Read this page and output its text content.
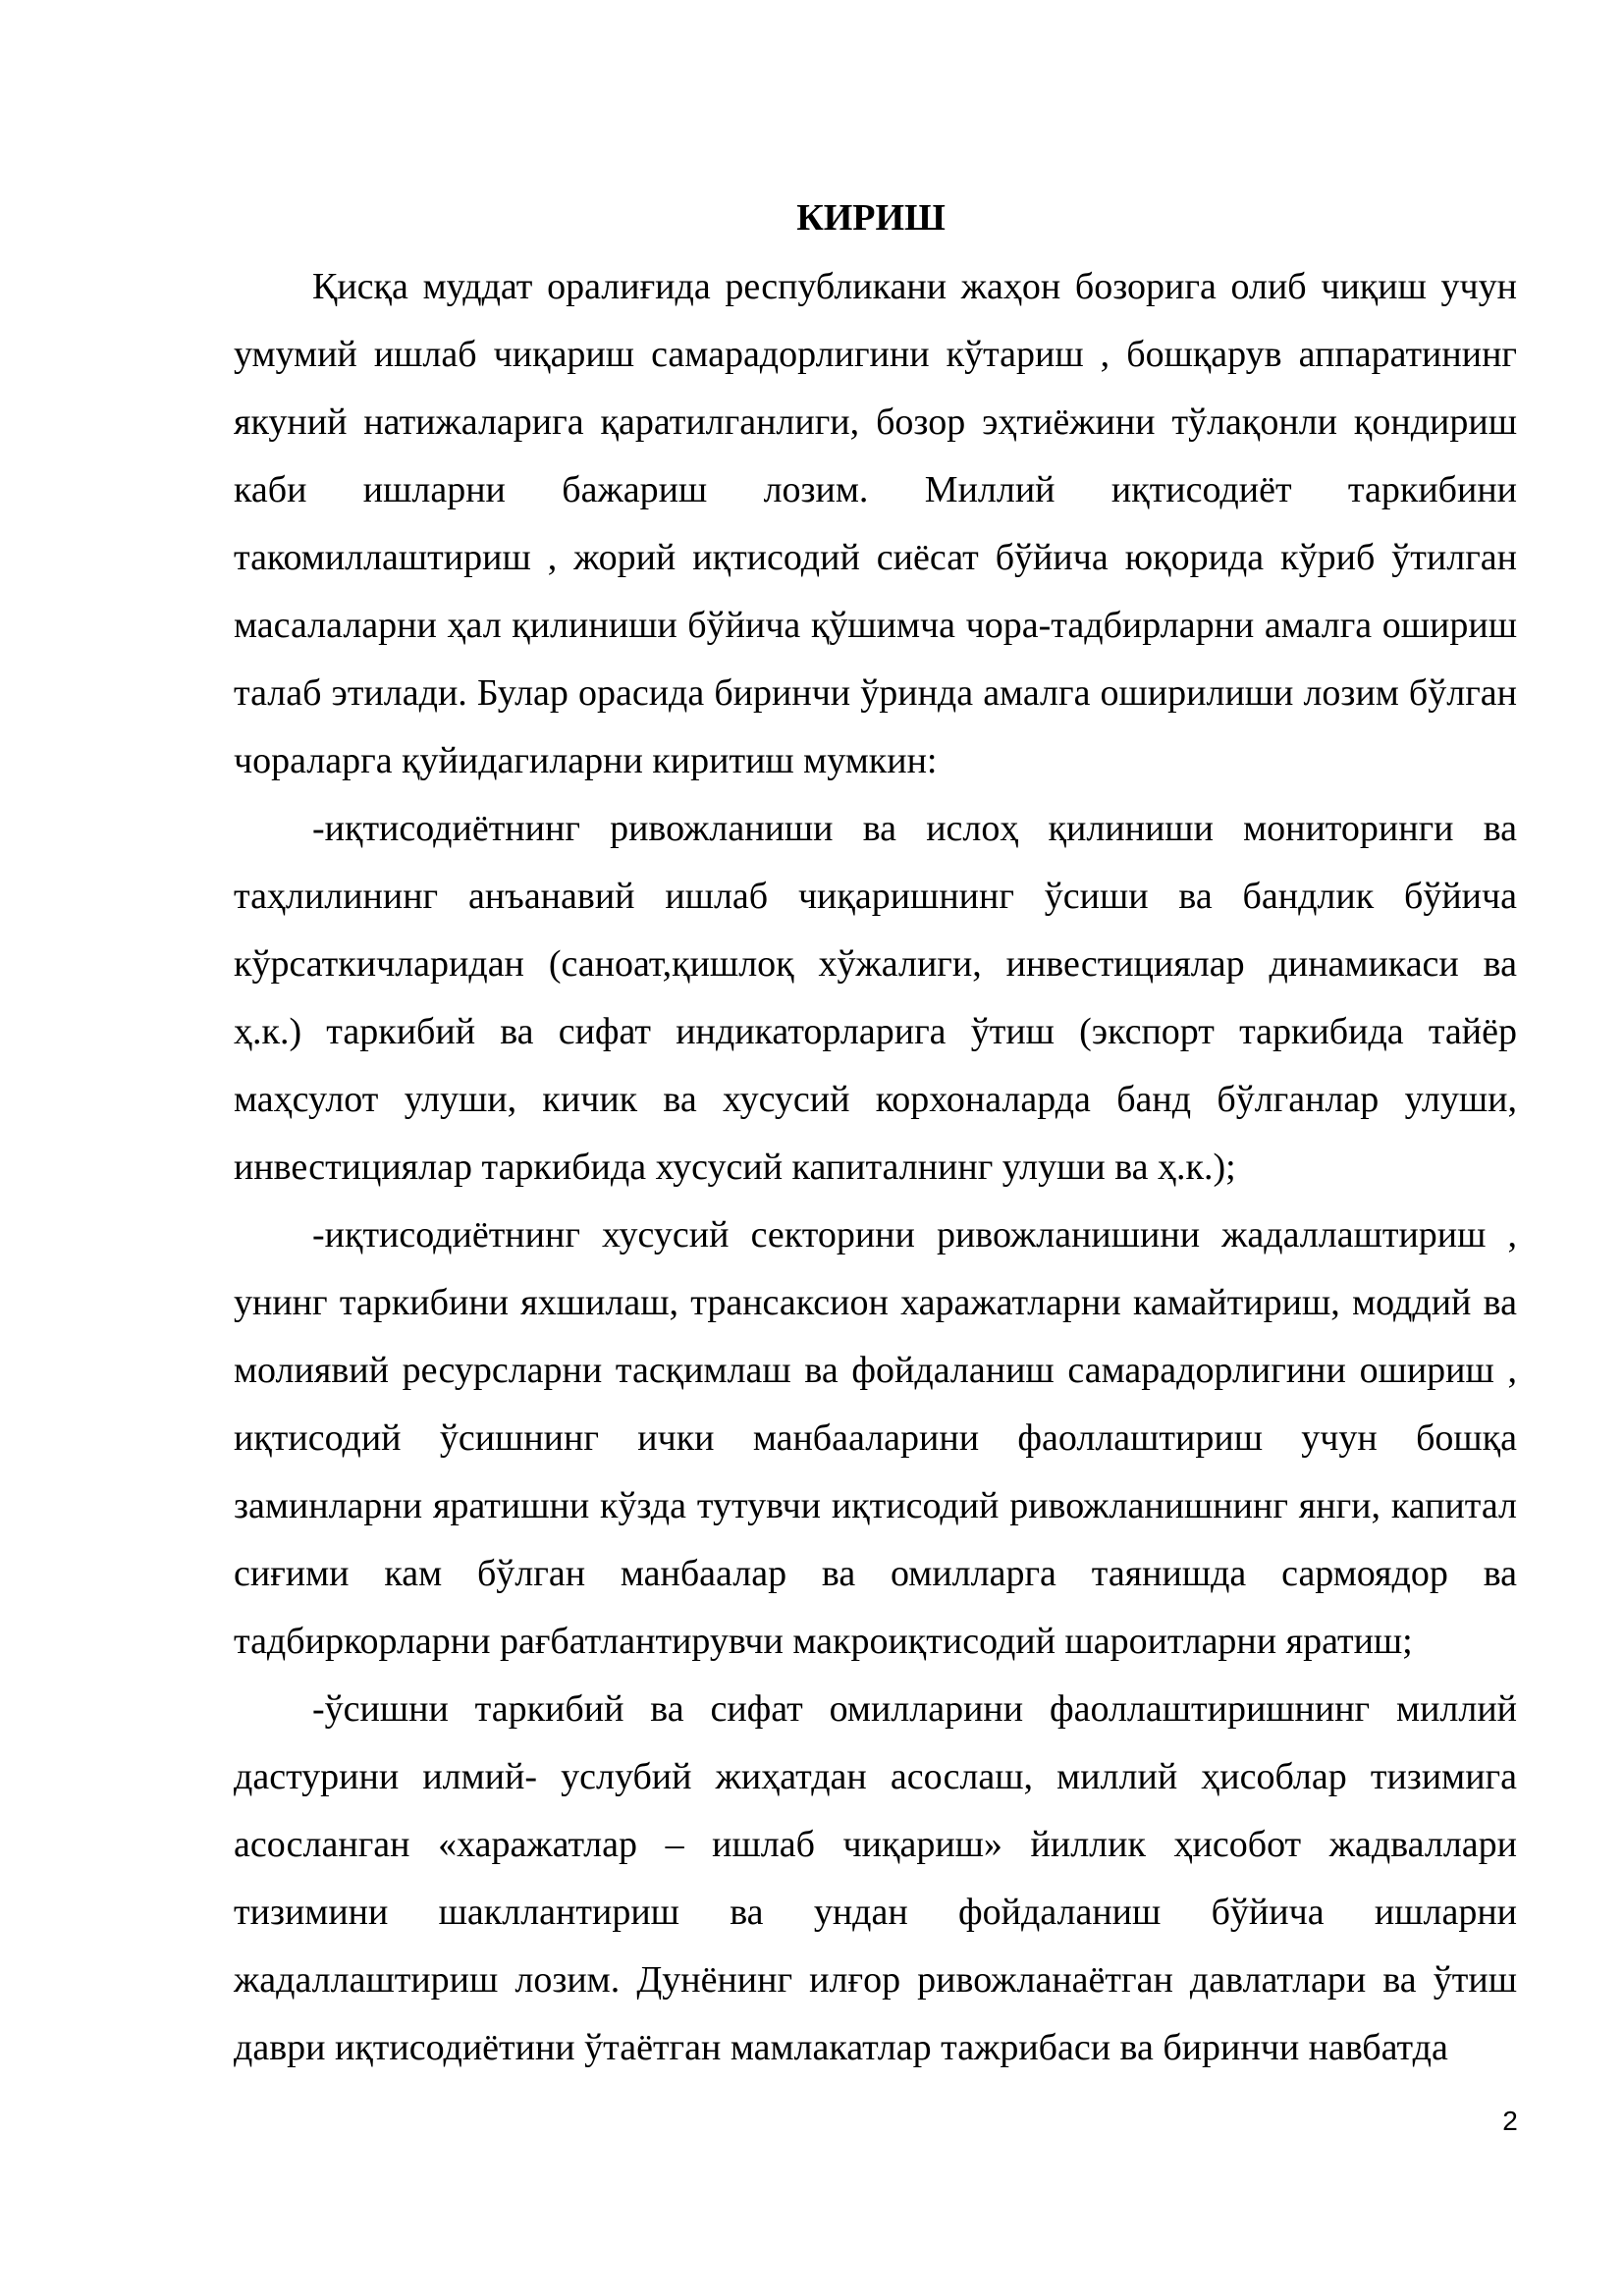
КИРИШ

Қисқа муддат оралиғида республикани жаҳон бозорига олиб чиқиш учун умумий ишлаб чиқариш самарадорлигини кўтариш , бошқарув аппаратининг якуний натижаларига қаратилганлиги, бозор эҳтиёжини тўлақонли қондириш каби ишларни бажариш лозим. Миллий иқтисодиёт таркибини такомиллаштириш , жорий иқтисодий сиёсат бўйича юқорида кўриб ўтилган масалаларни ҳал қилиниши бўйича қўшимча чора-тадбирларни амалга ошириш талаб этилади. Булар орасида биринчи ўринда амалга оширилиши лозим бўлган чораларга қуйидагиларни киритиш мумкин:

-иқтисодиётнинг ривожланиши ва ислоҳ қилиниши мониторинги ва таҳлилининг анъанавий ишлаб чиқаришнинг ўсиши ва бандлик бўйича кўрсаткичларидан (саноат,қишлоқ хўжалиги, инвестициялар динамикаси ва ҳ.к.) таркибий ва сифат индикаторларига ўтиш (экспорт таркибида тайёр маҳсулот улуши, кичик ва хусусий корхоналарда банд бўлганлар улуши, инвестициялар таркибида хусусий капиталнинг улуши ва ҳ.к.);

-иқтисодиётнинг хусусий секторини ривожланишини жадаллаштириш , унинг таркибини яхшилаш, трансаксион харажатларни камайтириш, моддий ва молиявий ресурсларни тасқимлаш ва фойдаланиш самарадорлигини ошириш , иқтисодий ўсишнинг ички манбааларини фаоллаштириш учун бошқа заминларни яратишни кўзда тутувчи иқтисодий ривожланишнинг янги, капитал сиғими кам бўлган манбаалар ва омилларга таянишда сармоядор ва тадбиркорларни рағбатлантирувчи макроиқтисодий шароитларни яратиш;

-ўсишни таркибий ва сифат омилларини фаоллаштиришнинг миллий дастурини илмий- услубий жиҳатдан асослаш, миллий ҳисоблар тизимига асосланган «харажатлар – ишлаб чиқариш» йиллик ҳисобот жадваллари тизимини шакллантириш ва ундан фойдаланиш бўйича ишларни жадаллаштириш лозим. Дунёнинг илғор ривожланаётган давлатлари ва ўтиш даври иқтисодиётини ўтаётган мамлакатлар тажрибаси ва биринчи навбатда

2
